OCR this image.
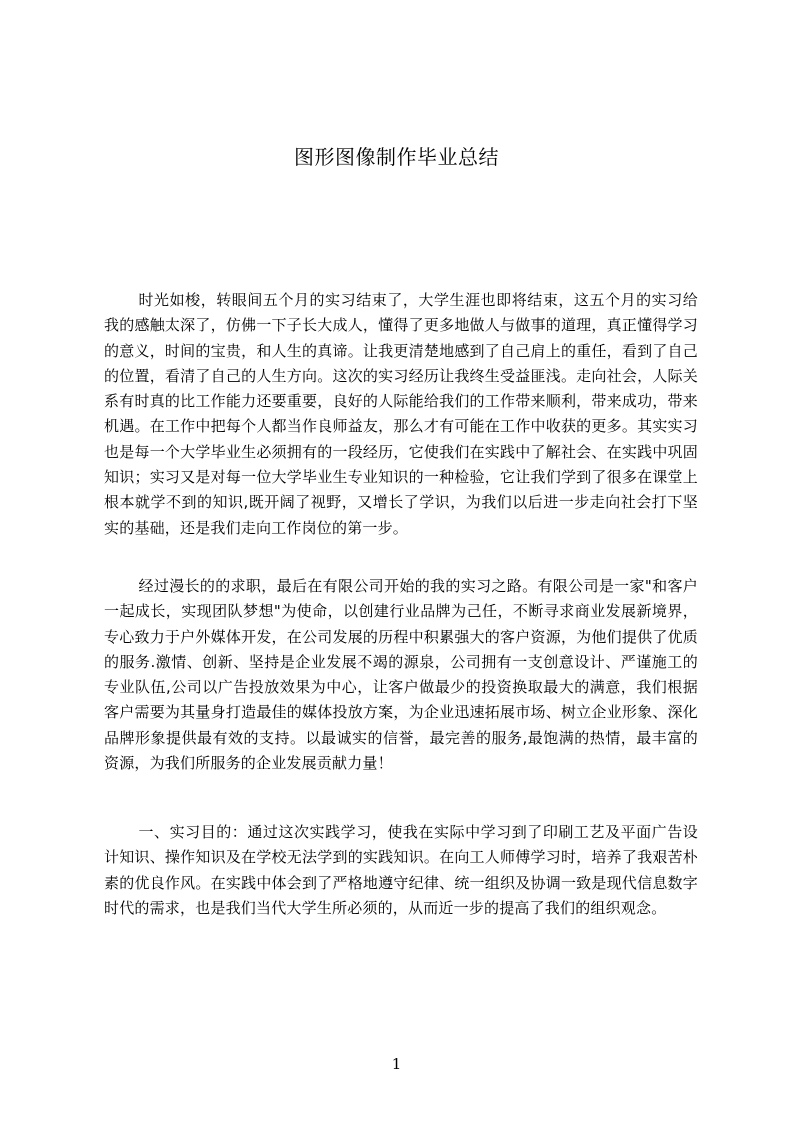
图形图像制作毕业总结

时光如梭，转眼间五个月的实习结束了，大学生涯也即将结束，这五个月的实习给我的感触太深了，仿佛一下子长大成人，懂得了更多地做人与做事的道理，真正懂得学习的意义，时间的宝贵，和人生的真谛。让我更清楚地感到了自己肩上的重任，看到了自己的位置，看清了自己的人生方向。这次的实习经历让我终生受益匪浅。走向社会，人际关系有时真的比工作能力还要重要，良好的人际能给我们的工作带来顺利，带来成功，带来机遇。在工作中把每个人都当作良师益友，那么才有可能在工作中收获的更多。其实实习也是每一个大学毕业生必须拥有的一段经历，它使我们在实践中了解社会、在实践中巩固知识；实习又是对每一位大学毕业生专业知识的一种检验，它让我们学到了很多在课堂上根本就学不到的知识,既开阔了视野，又增长了学识，为我们以后进一步走向社会打下坚实的基础，还是我们走向工作岗位的第一步。

经过漫长的的求职，最后在有限公司开始的我的实习之路。有限公司是一家"和客户一起成长，实现团队梦想"为使命，以创建行业品牌为己任，不断寻求商业发展新境界，专心致力于户外媒体开发，在公司发展的历程中积累强大的客户资源，为他们提供了优质的服务.激情、创新、坚持是企业发展不竭的源泉，公司拥有一支创意设计、严谨施工的专业队伍,公司以广告投放效果为中心，让客户做最少的投资换取最大的满意，我们根据客户需要为其量身打造最佳的媒体投放方案，为企业迅速拓展市场、树立企业形象、深化品牌形象提供最有效的支持。以最诚实的信誉，最完善的服务,最饱满的热情，最丰富的资源，为我们所服务的企业发展贡献力量！

一、实习目的：通过这次实践学习，使我在实际中学习到了印刷工艺及平面广告设计知识、操作知识及在学校无法学到的实践知识。在向工人师傅学习时，培养了我艰苦朴素的优良作风。在实践中体会到了严格地遵守纪律、统一组织及协调一致是现代信息数字时代的需求，也是我们当代大学生所必须的，从而近一步的提高了我们的组织观念。

1
